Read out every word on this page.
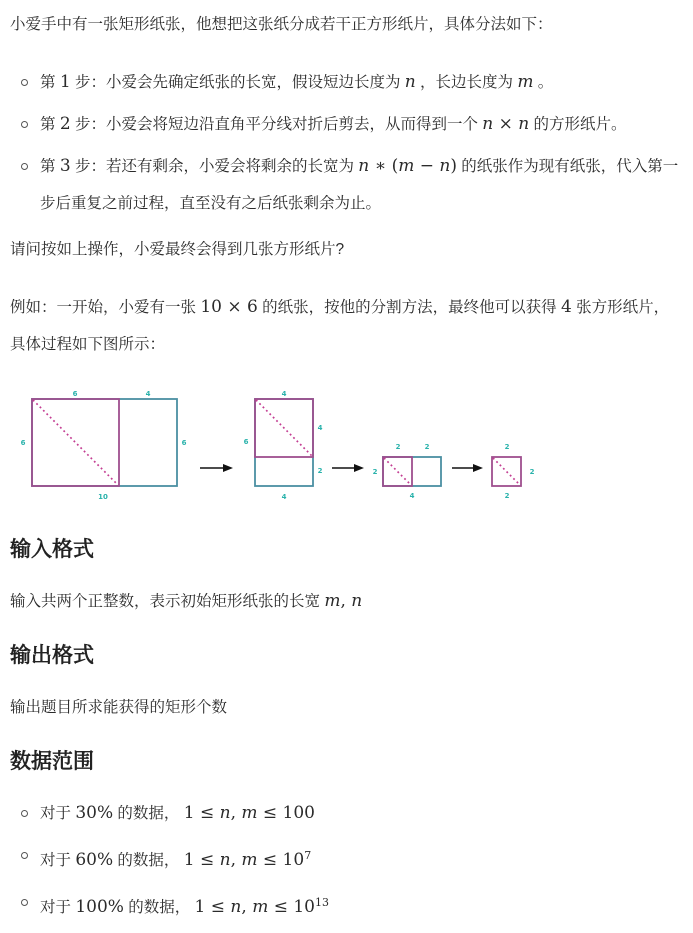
小爱手中有一张矩形纸张，他想把这张纸分成若干正方形纸片，具体分法如下：

第 1 步：小爱会先确定纸张的长宽，假设短边长度为 n ，长边长度为 m 。
第 2 步：小爱会将短边沿直角平分线对折后剪去，从而得到一个 n × n 的方形纸片。
第 3 步：若还有剩余，小爱会将剩余的长宽为 n ∗ (m − n) 的纸张作为现有纸张，代入第一步后重复之前过程，直至没有之后纸张剩余为止。

请问按如上操作，小爱最终会得到几张方形纸片?

例如：一开始，小爱有一张 10 × 6 的纸张，按他的分割方法，最终他可以获得 4 张方形纸片，具体过程如下图所示：

6	4
6	6
10
4
6
4
2
4
2	2
2
4
2
2
2
输入格式

输入共两个正整数，表示初始矩形纸张的长宽 m, n

输出格式

输出题目所求能获得的矩形个数

数据范围
对于 30% 的数据， 1 ≤ n, m ≤ 100
对于 60% 的数据， 1 ≤ n, $m \le 10^7$
对于 100% 的数据， 1 ≤ n, $m \le 10^{13}$
